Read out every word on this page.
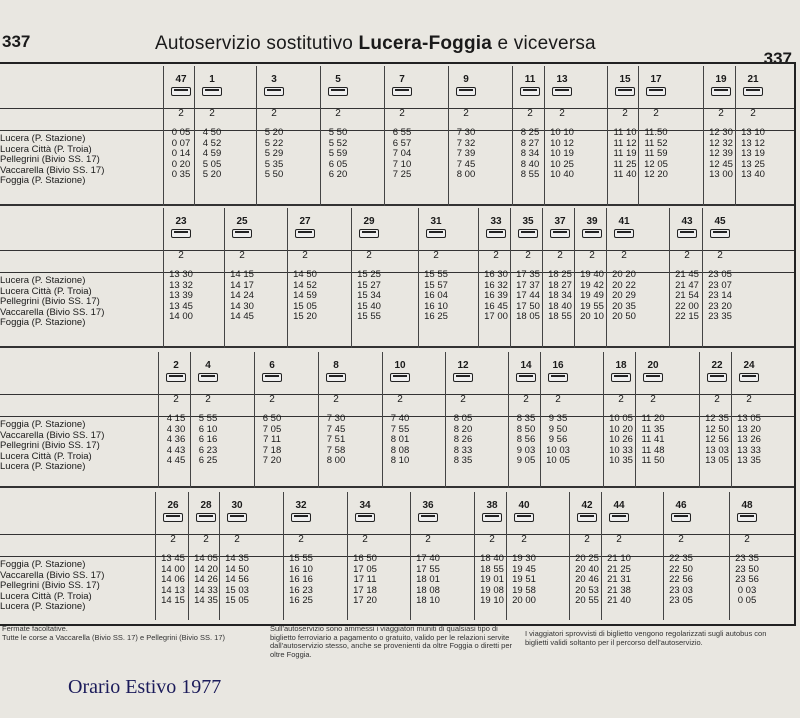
337	Autoservizio sostitutivo Lucera-Foggia e viceversa
337
Lucera (P. Stazione)
Lucera Città (P. Troia)
Pellegrini (Bivio SS. 17)
Vaccarella (Bivio SS. 17)
Foggia (P. Stazione)
47
2
0 05
0 07
0 14
0 20
0 35
1
2
4 50
4 52
4 59
5 05
5 20
3
2
5 20
5 22
5 29
5 35
5 50
5
2
5 50
5 52
5 59
6 05
6 20
7
2
6 55
6 57
7 04
7 10
7 25
9
2
7 30
7 32
7 39
7 45
8 00
11
2
8 25
8 27
8 34
8 40
8 55
13
2
10 10
10 12
10 19
10 25
10 40
15
2
11 10
11 12
11 19
11 25
11 40
17
2
11.50
11 52
11 59
12 05
12 20
19
2
12 30
12 32
12 39
12 45
13 00
21
2
13 10
13 12
13 19
13 25
13 40
Lucera (P. Stazione)
Lucera Città (P. Troia)
Pellegrini (Bivio SS. 17)
Vaccarella (Bivio SS. 17)
Foggia (P. Stazione)
23
2
13 30
13 32
13 39
13 45
14 00
25
2
14 15
14 17
14 24
14 30
14 45
27
2
14 50
14 52
14 59
15 05
15 20
29
2
15 25
15 27
15 34
15 40
15 55
31
2
15 55
15 57
16 04
16 10
16 25
33
2
16 30
16 32
16 39
16 45
17 00
35
2
17 35
17 37
17 44
17 50
18 05
37
2
18 25
18 27
18 34
18 40
18 55
39
2
19 40
19 42
19 49
19 55
20 10
41
2
20 20
20 22
20 29
20 35
20 50
43
2
21 45
21 47
21 54
22 00
22 15
45
2
23 05
23 07
23 14
23 20
23 35
Foggia (P. Stazione)
Vaccarella (Bivio SS. 17)
Pellegrini (Bivio SS. 17)
Lucera Città (P. Troia)
Lucera (P. Stazione)
2
2
4 15
4 30
4 36
4 43
4 45
4
2
5 55
6 10
6 16
6 23
6 25
6
2
6 50
7 05
7 11
7 18
7 20
8
2
7 30
7 45
7 51
7 58
8 00
10
2
7 40
7 55
8 01
8 08
8 10
12
2
8 05
8 20
8 26
8 33
8 35
14
2
8 35
8 50
8 56
9 03
9 05
16
2
9 35
9 50
9 56
10 03
10 05
18
2
10 05
10 20
10 26
10 33
10 35
20
2
11 20
11 35
11 41
11 48
11 50
22
2
12 35
12 50
12 56
13 03
13 05
24
2
13 05
13 20
13 26
13 33
13 35
Foggia (P. Stazione)
Vaccarella (Bivio SS. 17)
Pellegrini (Bivio SS. 17)
Lucera Città (P. Troia)
Lucera (P. Stazione)
26
2
13 45
14 00
14 06
14 13
14 15
28
2
14 05
14 20
14 26
14 33
14 35
30
2
14 35
14 50
14 56
15 03
15 05
32
2
15 55
16 10
16 16
16 23
16 25
34
2
16 50
17 05
17 11
17 18
17 20
36
2
17 40
17 55
18 01
18 08
18 10
38
2
18 40
18 55
19 01
19 08
19 10
40
2
19 30
19 45
19 51
19 58
20 00
42
2
20 25
20 40
20 46
20 53
20 55
44
2
21 10
21 25
21 31
21 38
21 40
46
2
22 35
22 50
22 56
23 03
23 05
48
2
23 35
23 50
23 56
0 03
0 05
Fermate facoltative.
Tutte le corse a Vaccarella (Bivio SS. 17) e Pellegrini (Bivio SS. 17)
Sull'autoservizio sono ammessi i viaggiatori muniti di qualsiasi tipo di biglietto ferroviario a pagamento o gratuito, valido per le relazioni servite dall'autoservizio stesso, anche se provenienti da oltre Foggia o diretti per oltre Foggia.
I viaggiatori sprovvisti di biglietto vengono regolarizzati sugli autobus con biglietti validi soltanto per il percorso dell'autoservizio.
Orario Estivo 1977
